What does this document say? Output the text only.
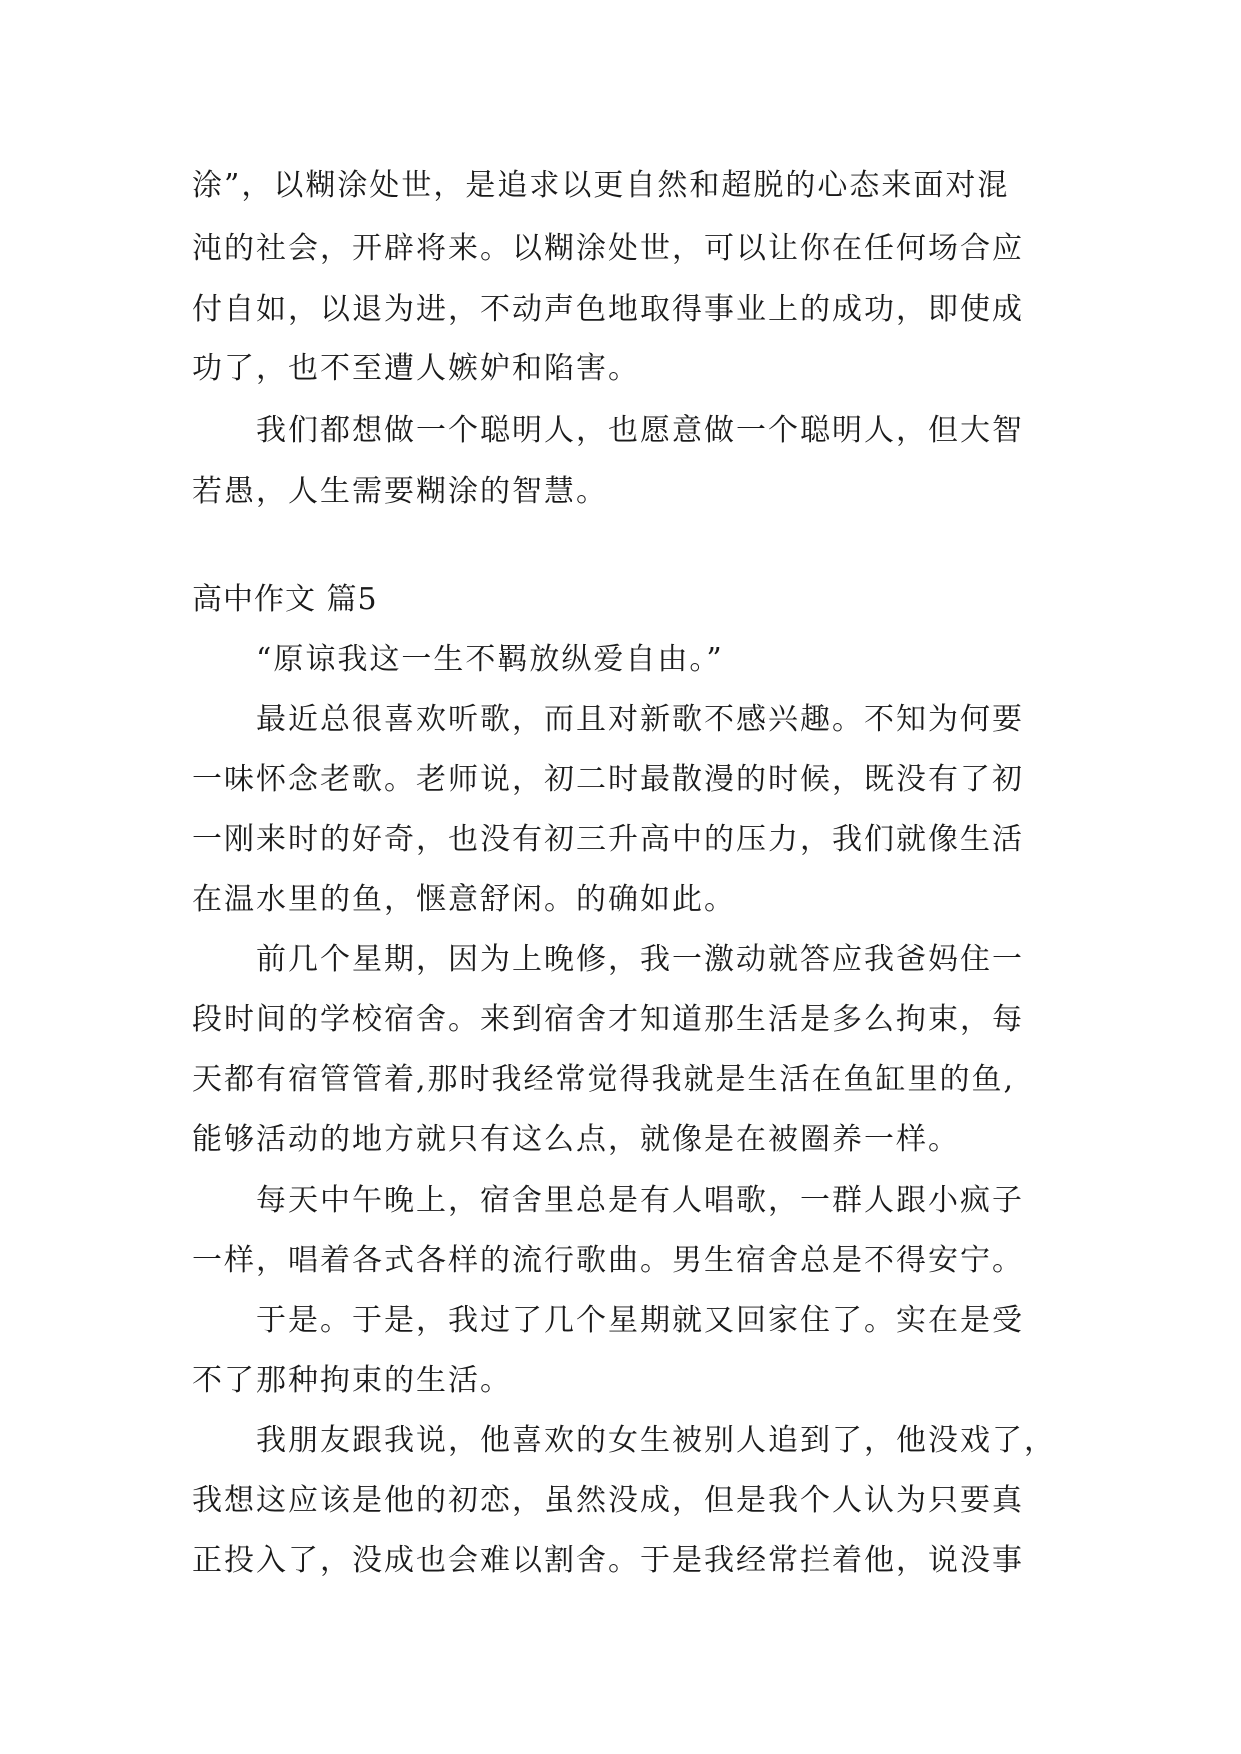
涂”，以糊涂处世，是追求以更自然和超脱的心态来面对混
沌的社会，开辟将来。以糊涂处世，可以让你在任何场合应
付自如，以退为进，不动声色地取得事业上的成功，即使成
功了，也不至遭人嫉妒和陷害。
我们都想做一个聪明人，也愿意做一个聪明人，但大智
若愚，人生需要糊涂的智慧。
高中作文 篇5
“原谅我这一生不羁放纵爱自由。”
最近总很喜欢听歌，而且对新歌不感兴趣。不知为何要
一味怀念老歌。老师说，初二时最散漫的时候，既没有了初
一刚来时的好奇，也没有初三升高中的压力，我们就像生活
在温水里的鱼，惬意舒闲。的确如此。
前几个星期，因为上晚修，我一激动就答应我爸妈住一
段时间的学校宿舍。来到宿舍才知道那生活是多么拘束，每
天都有宿管管着,那时我经常觉得我就是生活在鱼缸里的鱼,
能够活动的地方就只有这么点，就像是在被圈养一样。
每天中午晚上，宿舍里总是有人唱歌，一群人跟小疯子
一样，唱着各式各样的流行歌曲。男生宿舍总是不得安宁。
于是。于是，我过了几个星期就又回家住了。实在是受
不了那种拘束的生活。
我朋友跟我说，他喜欢的女生被别人追到了，他没戏了，
我想这应该是他的初恋，虽然没成，但是我个人认为只要真
正投入了，没成也会难以割舍。于是我经常拦着他，说没事
